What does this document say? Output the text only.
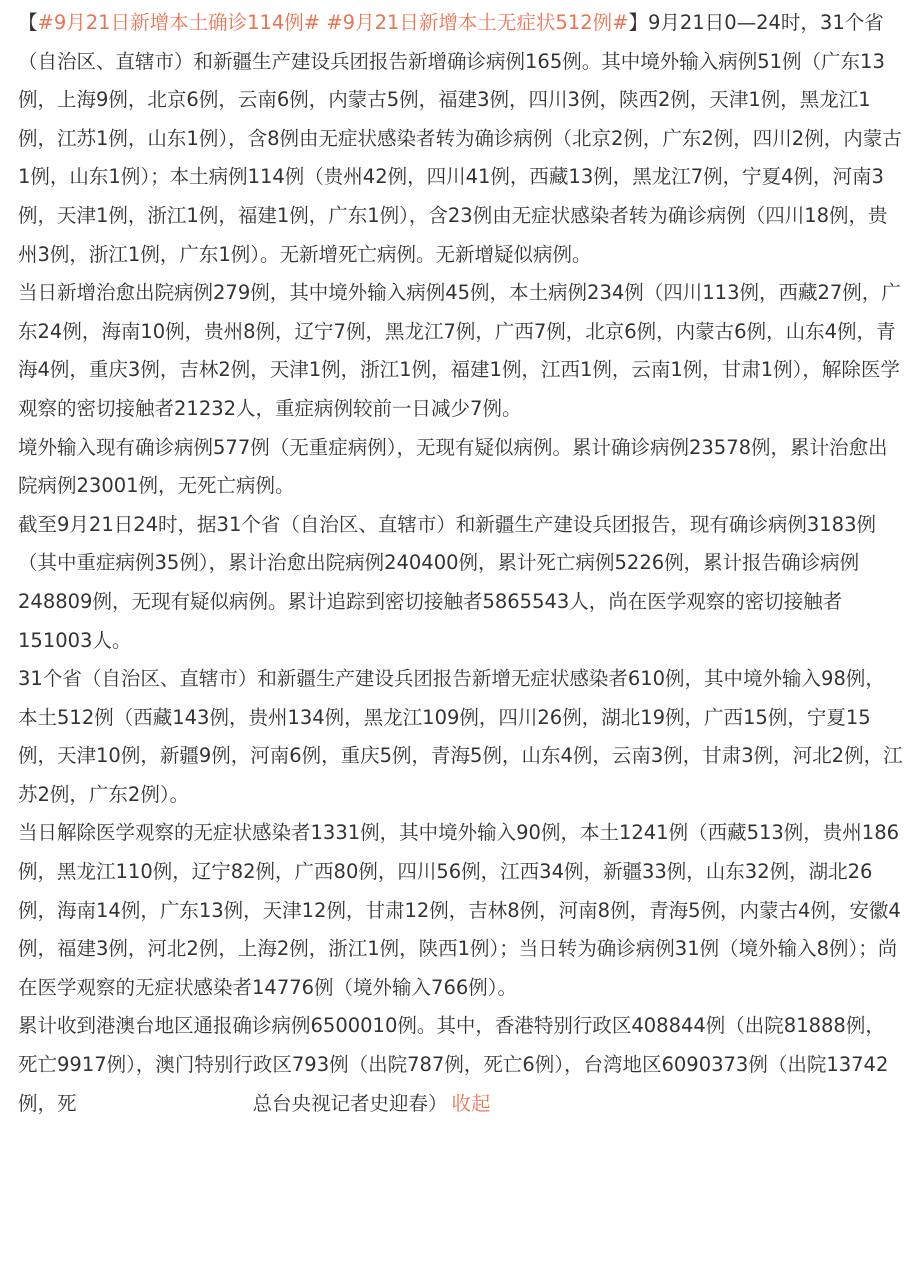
【#9月21日新增本土确诊114例# #9月21日新增本土无症状512例#】9月21日0—24时，31个省（自治区、直辖市）和新疆生产建设兵团报告新增确诊病例165例。其中境外输入病例51例（广东13例，上海9例，北京6例，云南6例，内蒙古5例，福建3例，四川3例，陕西2例，天津1例，黑龙江1例，江苏1例，山东1例），含8例由无症状感染者转为确诊病例（北京2例，广东2例，四川2例，内蒙古1例，山东1例）；本土病例114例（贵州42例，四川41例，西藏13例，黑龙江7例，宁夏4例，河南3例，天津1例，浙江1例，福建1例，广东1例），含23例由无症状感染者转为确诊病例（四川18例，贵州3例，浙江1例，广东1例）。无新增死亡病例。无新增疑似病例。

当日新增治愈出院病例279例，其中境外输入病例45例，本土病例234例（四川113例，西藏27例，广东24例，海南10例，贵州8例，辽宁7例，黑龙江7例，广西7例，北京6例，内蒙古6例，山东4例，青海4例，重庆3例，吉林2例，天津1例，浙江1例，福建1例，江西1例，云南1例，甘肃1例），解除医学观察的密切接触者21232人，重症病例较前一日减少7例。

境外输入现有确诊病例577例（无重症病例），无现有疑似病例。累计确诊病例23578例，累计治愈出院病例23001例，无死亡病例。

截至9月21日24时，据31个省（自治区、直辖市）和新疆生产建设兵团报告，现有确诊病例3183例（其中重症病例35例），累计治愈出院病例240400例，累计死亡病例5226例，累计报告确诊病例248809例，无现有疑似病例。累计追踪到密切接触者5865543人，尚在医学观察的密切接触者151003人。

31个省（自治区、直辖市）和新疆生产建设兵团报告新增无症状感染者610例，其中境外输入98例，本土512例（西藏143例，贵州134例，黑龙江109例，四川26例，湖北19例，广西15例，宁夏15例，天津10例，新疆9例，河南6例，重庆5例，青海5例，山东4例，云南3例，甘肃3例，河北2例，江苏2例，广东2例）。

当日解除医学观察的无症状感染者1331例，其中境外输入90例，本土1241例（西藏513例，贵州186例，黑龙江110例，辽宁82例，广西80例，四川56例，江西34例，新疆33例，山东32例，湖北26例，海南14例，广东13例，天津12例，甘肃12例，吉林8例，河南8例，青海5例，内蒙古4例，安徽4例，福建3例，河北2例，上海2例，浙江1例，陕西1例）；当日转为确诊病例31例（境外输入8例）；尚在医学观察的无症状感染者14776例（境外输入766例）。

累计收到港澳台地区通报确诊病例6500010例。其中，香港特别行政区408844例（出院81888例，死亡9917例），澳门特别行政区793例（出院787例，死亡6例），台湾地区6090373例（出院13742例，死	总台央视记者史迎春） 收起
